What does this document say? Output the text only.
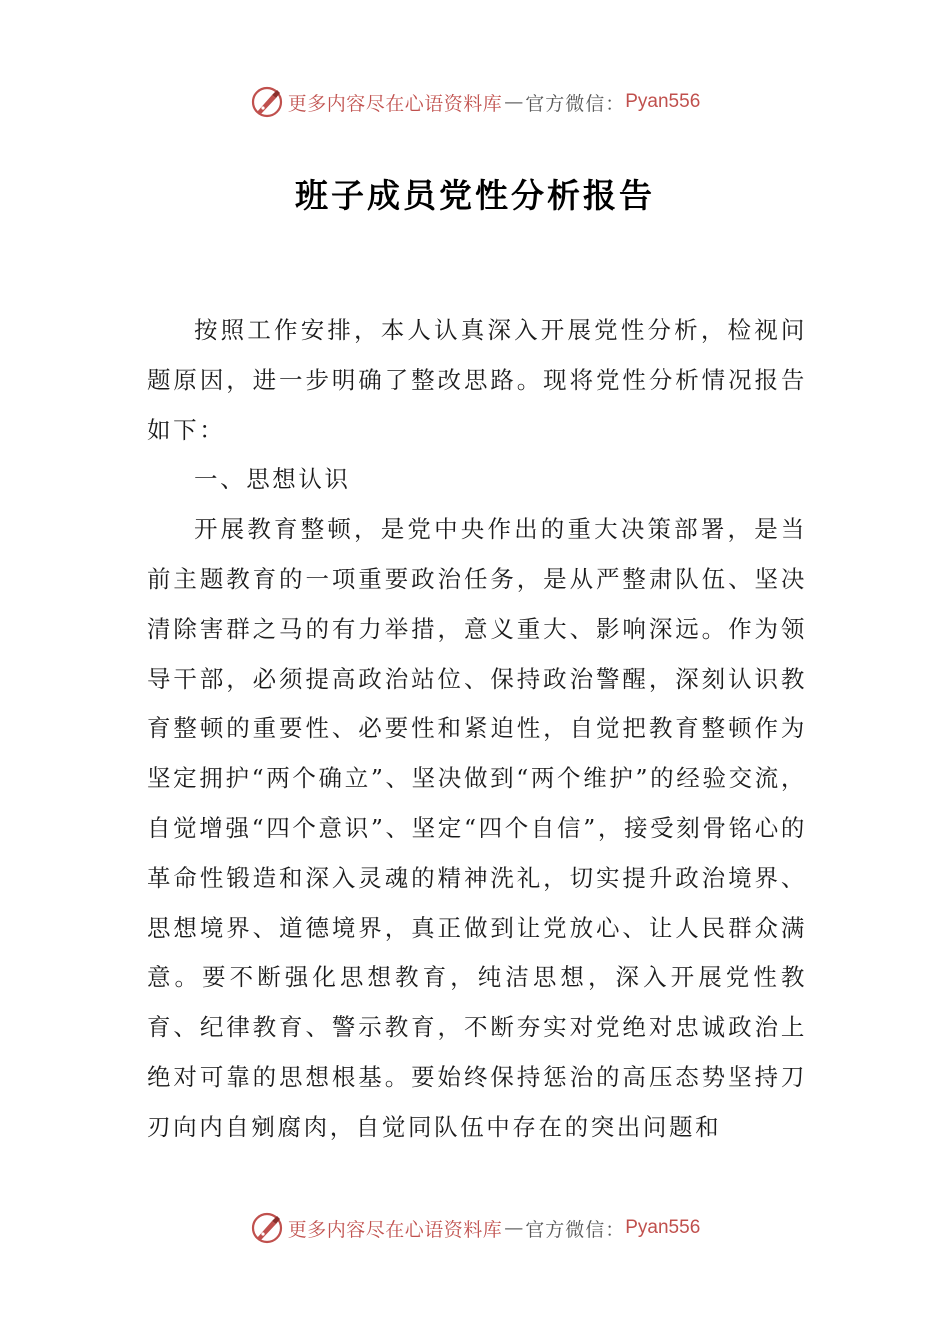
更多内容尽在心语资料库 — 官方微信： Pyan556
班子成员党性分析报告

按照工作安排，本人认真深入开展党性分析，检视问题原因，进一步明确了整改思路。现将党性分析情况报告如下：

一、思想认识

开展教育整顿，是党中央作出的重大决策部署，是当前主题教育的一项重要政治任务，是从严整肃队伍、坚决清除害群之马的有力举措，意义重大、影响深远。作为领导干部，必须提高政治站位、保持政治警醒，深刻认识教育整顿的重要性、必要性和紧迫性，自觉把教育整顿作为坚定拥护“两个确立”、坚决做到“两个维护”的经验交流，自觉增强“四个意识”、坚定“四个自信”，接受刻骨铭心的革命性锻造和深入灵魂的精神洗礼，切实提升政治境界、思想境界、道德境界，真正做到让党放心、让人民群众满意。要不断强化思想教育，纯洁思想，深入开展党性教育、纪律教育、警示教育，不断夯实对党绝对忠诚政治上绝对可靠的思想根基。要始终保持惩治的高压态势坚持刀刃向内自剜腐肉，自觉同队伍中存在的突出问题和

更多内容尽在心语资料库 — 官方微信： Pyan556
